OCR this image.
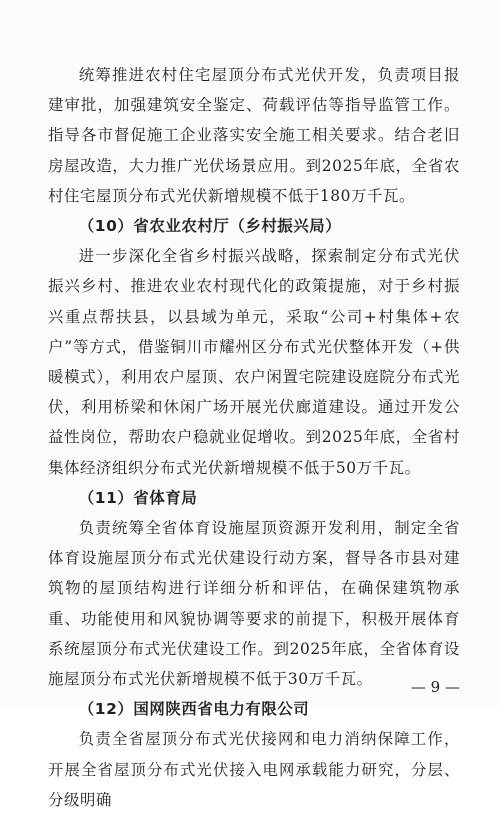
统筹推进农村住宅屋顶分布式光伏开发，负责项目报建审批，加强建筑安全鉴定、荷载评估等指导监管工作。指导各市督促施工企业落实安全施工相关要求。结合老旧房屋改造，大力推广光伏场景应用。到2025年底，全省农村住宅屋顶分布式光伏新增规模不低于180万千瓦。

（10）省农业农村厅（乡村振兴局）

进一步深化全省乡村振兴战略，探索制定分布式光伏振兴乡村、推进农业农村现代化的政策提施，对于乡村振兴重点帮扶县，以县域为单元，采取“公司+村集体+农户”等方式，借鉴铜川市耀州区分布式光伏整体开发（+供暖模式），利用农户屋顶、农户闲置宅院建设庭院分布式光伏，利用桥梁和休闲广场开展光伏廊道建设。通过开发公益性岗位，帮助农户稳就业促增收。到2025年底，全省村集体经济组织分布式光伏新增规模不低于50万千瓦。

（11）省体育局

负责统筹全省体育设施屋顶资源开发利用，制定全省体育设施屋顶分布式光伏建设行动方案，督导各市县对建筑物的屋顶结构进行详细分析和评估，在确保建筑物承重、功能使用和风貌协调等要求的前提下，积极开展体育系统屋顶分布式光伏建设工作。到2025年底，全省体育设施屋顶分布式光伏新增规模不低于30万千瓦。

（12）国网陕西省电力有限公司

负责全省屋顶分布式光伏接网和电力消纳保障工作，开展全省屋顶分布式光伏接入电网承载能力研究，分层、分级明确

— 9 —
